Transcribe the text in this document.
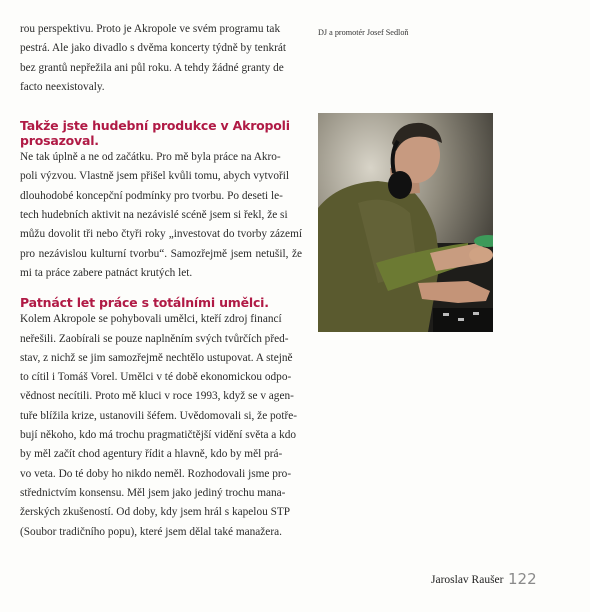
rou perspektivu. Proto je Akropole ve svém programu tak
pestrá. Ale jako divadlo s dvěma koncerty týdně by tenkrát
bez grantů nepřežila ani půl roku. A tehdy žádné granty de
facto neexistovaly.

Takže jste hudební produkce v Akropoli prosazoval.

Ne tak úplně a ne od začátku. Pro mě byla práce na Akro-
poli výzvou. Vlastně jsem přišel kvůli tomu, abych vytvořil
dlouhodobé koncepční podmínky pro tvorbu. Po deseti le-
tech hudebních aktivit na nezávislé scéně jsem si řekl, že si
můžu dovolit tři nebo čtyři roky „investovat do tvorby zázemí pro nezávislou kulturní tvorbu“. Samozřejmě jsem netušil, že mi ta práce zabere patnáct krutých let.

Patnáct let práce s totálními umělci.

Kolem Akropole se pohybovali umělci, kteří zdroj financí
neřešili. Zaobírali se pouze naplněním svých tvůrčích před-
stav, z nichž se jim samozřejmě nechtělo ustupovat. A stejně
to cítil i Tomáš Vorel. Umělci v té době ekonomickou odpo-
vědnost necítili. Proto mě kluci v roce 1993, když se v agen-
tuře blížila krize, ustanovili šéfem. Uvědomovali si, že potře-
bují někoho, kdo má trochu pragmatičtější vidění světa a kdo
by měl začít chod agentury řídit a hlavně, kdo by měl prá-
vo veta. Do té doby ho nikdo neměl. Rozhodovali jsme pro-
střednictvím konsensu. Měl jsem jako jediný trochu mana-
žerských zkušeností. Od doby, kdy jsem hrál s kapelou STP
(Soubor tradičního popu), které jsem dělal také manažera.

DJ a promotér Josef Sedloň
Jaroslav Raušer 122
